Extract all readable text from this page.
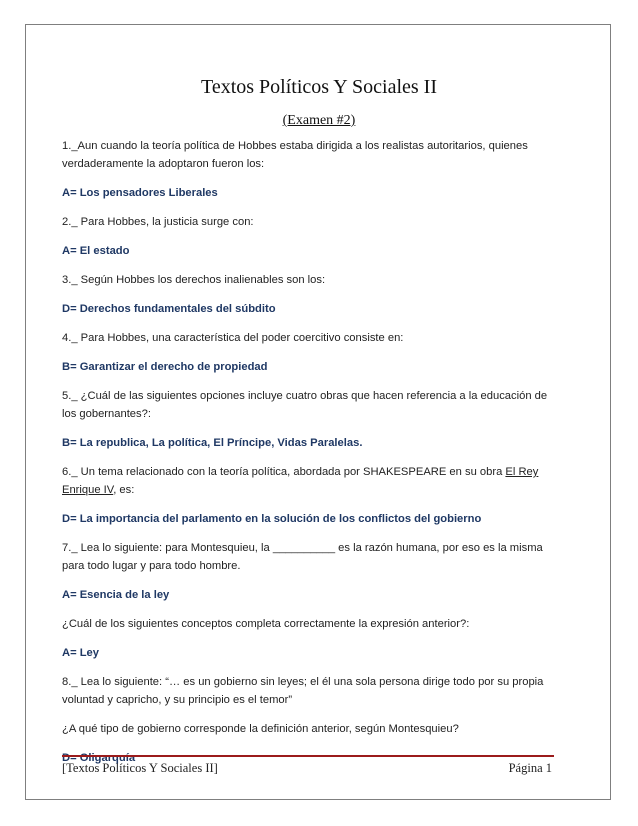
Textos Políticos Y Sociales II
(Examen #2)

1._Aun cuando la teoría política de Hobbes estaba dirigida a los realistas autoritarios, quienes verdaderamente la adoptaron fueron los:

A= Los pensadores Liberales

2._ Para Hobbes, la justicia surge con:

A= El estado

3._ Según Hobbes los derechos inalienables son los:

D= Derechos fundamentales del súbdito

4._ Para Hobbes, una característica del poder coercitivo consiste en:

B= Garantizar el derecho de propiedad

5._ ¿Cuál de las siguientes opciones incluye cuatro obras que hacen referencia a la educación de los gobernantes?:

B= La republica, La política, El Príncipe, Vidas Paralelas.

6._ Un tema relacionado con la teoría política, abordada por SHAKESPEARE en su obra El Rey Enrique IV, es:

D= La importancia del parlamento en la solución de los conflictos del gobierno

7._ Lea lo siguiente: para Montesquieu, la __________ es la razón humana, por eso es la misma para todo lugar y para todo hombre.

A= Esencia de la ley

¿Cuál de los siguientes conceptos completa correctamente la expresión anterior?:

A= Ley

8._ Lea lo siguiente: “… es un gobierno sin leyes; el él una sola persona dirige todo por su propia voluntad y capricho, y su principio es el temor”

¿A qué tipo de gobierno corresponde la definición anterior, según Montesquieu?

D= Oligarquía

[Textos Políticos Y Sociales II]	Página 1
